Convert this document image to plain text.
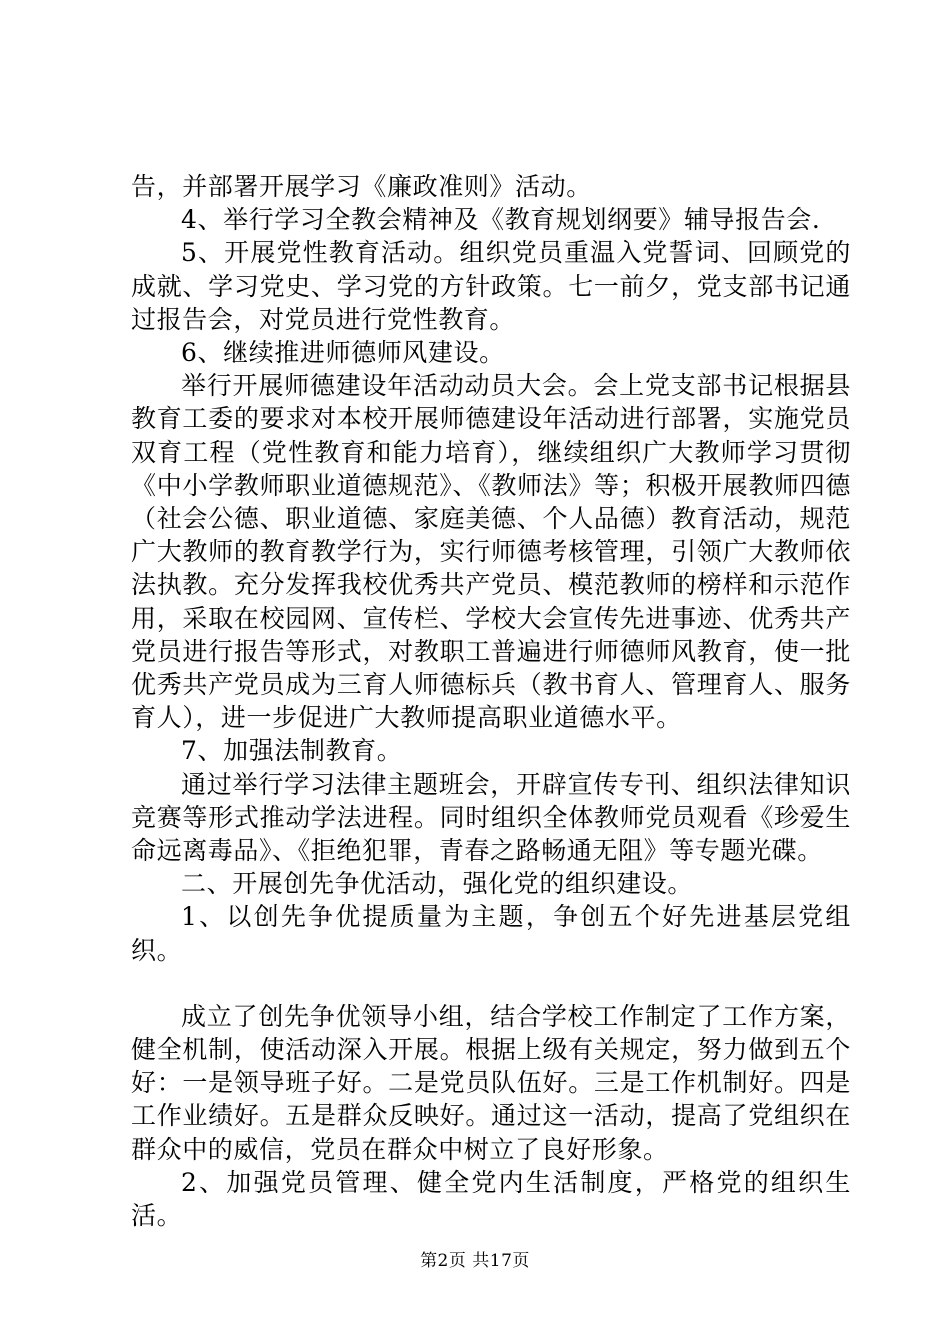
告，并部署开展学习《廉政准则》活动。

4、举行学习全教会精神及《教育规划纲要》辅导报告会.

5、开展党性教育活动。组织党员重温入党誓词、回顾党的成就、学习党史、学习党的方针政策。七一前夕，党支部书记通过报告会，对党员进行党性教育。

6、继续推进师德师风建设。

举行开展师德建设年活动动员大会。会上党支部书记根据县教育工委的要求对本校开展师德建设年活动进行部署，实施党员双育工程（党性教育和能力培育），继续组织广大教师学习贯彻《中小学教师职业道德规范》、《教师法》等；积极开展教师四德（社会公德、职业道德、家庭美德、个人品德）教育活动，规范广大教师的教育教学行为，实行师德考核管理，引领广大教师依法执教。充分发挥我校优秀共产党员、模范教师的榜样和示范作用，采取在校园网、宣传栏、学校大会宣传先进事迹、优秀共产党员进行报告等形式，对教职工普遍进行师德师风教育，使一批优秀共产党员成为三育人师德标兵（教书育人、管理育人、服务育人），进一步促进广大教师提高职业道德水平。

7、加强法制教育。

通过举行学习法律主题班会，开辟宣传专刊、组织法律知识竞赛等形式推动学法进程。同时组织全体教师党员观看《珍爱生命远离毒品》、《拒绝犯罪，青春之路畅通无阻》等专题光碟。

二、开展创先争优活动，强化党的组织建设。

1、以创先争优提质量为主题，争创五个好先进基层党组织。

成立了创先争优领导小组，结合学校工作制定了工作方案，健全机制，使活动深入开展。根据上级有关规定，努力做到五个好：一是领导班子好。二是党员队伍好。三是工作机制好。四是工作业绩好。五是群众反映好。通过这一活动，提高了党组织在群众中的威信，党员在群众中树立了良好形象。

2、加强党员管理、健全党内生活制度，严格党的组织生活。

第2页 共17页
